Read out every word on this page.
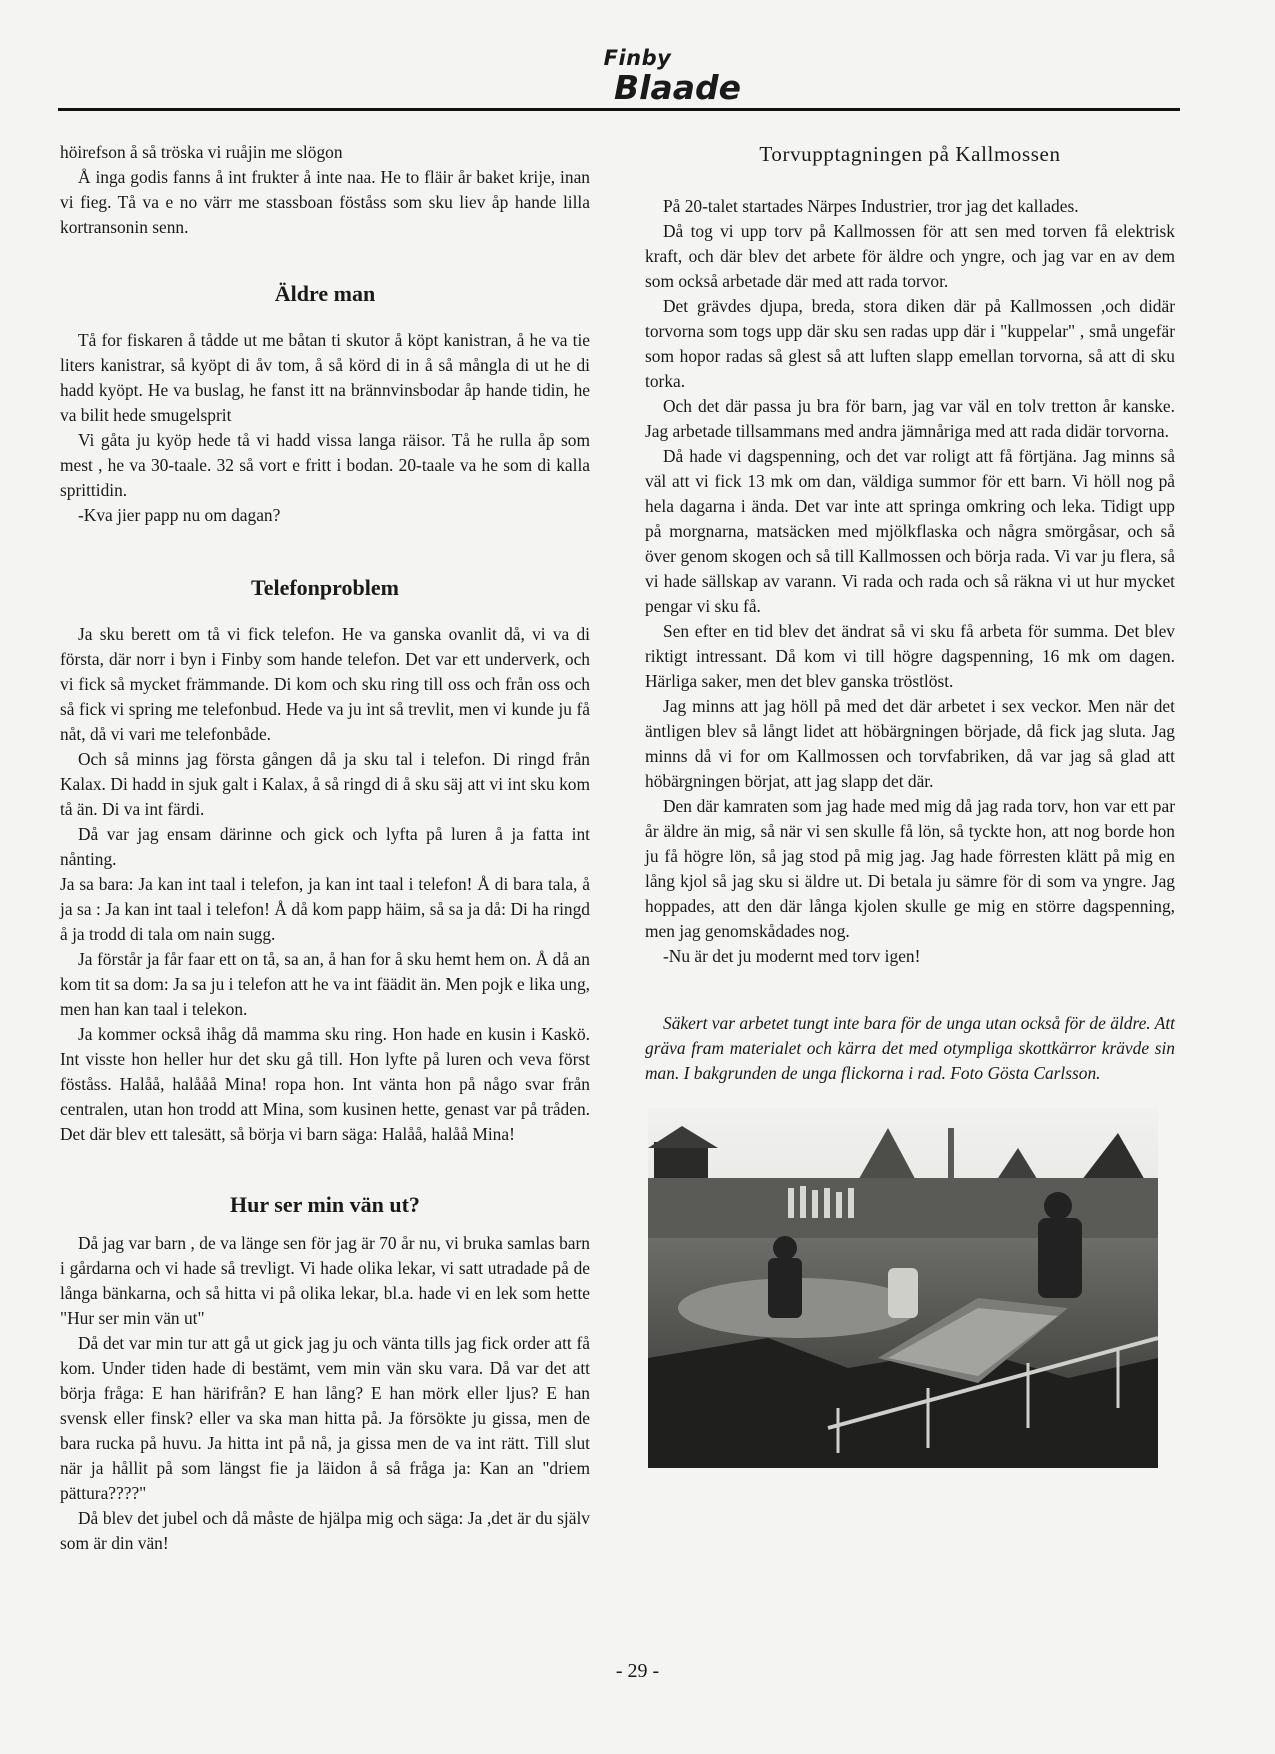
Finby
Blaade

höirefson å så tröska vi ruåjin me slögon

Å inga godis fanns å int frukter å inte naa. He to fläir år baket krije, inan vi fieg. Tå va e no värr me stassboan föståss som sku liev åp hande lilla kortransonin senn.

Äldre man

Tå for fiskaren å tådde ut me båtan ti skutor å köpt kanistran, å he va tie liters kanistrar, så kyöpt di åv tom, å så körd di in å så mångla di ut he di hadd kyöpt. He va buslag, he fanst itt na brännvinsbodar åp hande tidin, he va bilit hede smugelsprit

Vi gåta ju kyöp hede tå vi hadd vissa langa räisor. Tå he rulla åp som mest , he va 30-taale. 32 så vort e fritt i bodan. 20-taale va he som di kalla sprittidin.

-Kva jier papp nu om dagan?

Telefonproblem

Ja sku berett om tå vi fick telefon. He va ganska ovanlit då, vi va di första, där norr i byn i Finby som hande telefon. Det var ett underverk, och vi fick så mycket främmande. Di kom och sku ring till oss och från oss och så fick vi spring me telefonbud. Hede va ju int så trevlit, men vi kunde ju få nåt, då vi vari me telefonbåde.

Och så minns jag första gången då ja sku tal i telefon. Di ringd från Kalax. Di hadd in sjuk galt i Kalax, å så ringd di å sku säj att vi int sku kom tå än. Di va int färdi.

Då var jag ensam därinne och gick och lyfta på luren å ja fatta int nånting.

Ja sa bara: Ja kan int taal i telefon, ja kan int taal i telefon! Å di bara tala, å ja sa : Ja kan int taal i telefon! Å då kom papp häim, så sa ja då: Di ha ringd å ja trodd di tala om nain sugg.

Ja förstår ja får faar ett on tå, sa an, å han for å sku hemt hem on. Å då an kom tit sa dom: Ja sa ju i telefon att he va int fäädit än. Men pojk e lika ung, men han kan taal i telekon.

Ja kommer också ihåg då mamma sku ring. Hon hade en kusin i Kaskö. Int visste hon heller hur det sku gå till. Hon lyfte på luren och veva först föståss. Halåå, halååå Mina! ropa hon. Int vänta hon på någo svar från centralen, utan hon trodd att Mina, som kusinen hette, genast var på tråden. Det där blev ett talesätt, så börja vi barn säga: Halåå, halåå Mina!

Hur ser min vän ut?

Då jag var barn , de va länge sen för jag är 70 år nu, vi bruka samlas barn i gårdarna och vi hade så trevligt. Vi hade olika lekar, vi satt utradade på de långa bänkarna, och så hitta vi på olika lekar, bl.a. hade vi en lek som hette "Hur ser min vän ut"

Då det var min tur att gå ut gick jag ju och vänta tills jag fick order att få kom. Under tiden hade di bestämt, vem min vän sku vara. Då var det att börja fråga: E han härifrån? E han lång? E han mörk eller ljus? E han svensk eller finsk? eller va ska man hitta på. Ja försökte ju gissa, men de bara rucka på huvu. Ja hitta int på nå, ja gissa men de va int rätt. Till slut när ja hållit på som längst fie ja läidon å så fråga ja: Kan an "driem pättura????"

Då blev det jubel och då måste de hjälpa mig och säga: Ja ,det är du själv som är din vän!

Torvupptagningen på Kallmossen

På 20-talet startades Närpes Industrier, tror jag det kallades.

Då tog vi upp torv på Kallmossen för att sen med torven få elektrisk kraft, och där blev det arbete för äldre och yngre, och jag var en av dem som också arbetade där med att rada torvor.

Det grävdes djupa, breda, stora diken där på Kallmossen ,och didär torvorna som togs upp där sku sen radas upp där i "kuppelar" , små ungefär som hopor radas så glest så att luften slapp emellan torvorna, så att di sku torka.

Och det där passa ju bra för barn, jag var väl en tolv tretton år kanske. Jag arbetade tillsammans med andra jämnåriga med att rada didär torvorna.

Då hade vi dagspenning, och det var roligt att få förtjäna. Jag minns så väl att vi fick 13 mk om dan, väldiga summor för ett barn. Vi höll nog på hela dagarna i ända. Det var inte att springa omkring och leka. Tidigt upp på morgnarna, matsäcken med mjölkflaska och några smörgåsar, och så över genom skogen och så till Kallmossen och börja rada. Vi var ju flera, så vi hade sällskap av varann. Vi rada och rada och så räkna vi ut hur mycket pengar vi sku få.

Sen efter en tid blev det ändrat så vi sku få arbeta för summa. Det blev riktigt intressant. Då kom vi till högre dagspenning, 16 mk om dagen. Härliga saker, men det blev ganska tröstlöst.

Jag minns att jag höll på med det där arbetet i sex veckor. Men när det äntligen blev så långt lidet att höbärgningen började, då fick jag sluta. Jag minns då vi for om Kallmossen och torvfabriken, då var jag så glad att höbärgningen börjat, att jag slapp det där.

Den där kamraten som jag hade med mig då jag rada torv, hon var ett par år äldre än mig, så när vi sen skulle få lön, så tyckte hon, att nog borde hon ju få högre lön, så jag stod på mig jag. Jag hade förresten klätt på mig en lång kjol så jag sku si äldre ut. Di betala ju sämre för di som va yngre. Jag hoppades, att den där långa kjolen skulle ge mig en större dagspenning, men jag genomskådades nog.

-Nu är det ju modernt med torv igen!

Säkert var arbetet tungt inte bara för de unga utan också för de äldre. Att gräva fram materialet och kärra det med otympliga skottkärror krävde sin man. I bakgrunden de unga flickorna i rad. Foto Gösta Carlsson.

- 29 -
